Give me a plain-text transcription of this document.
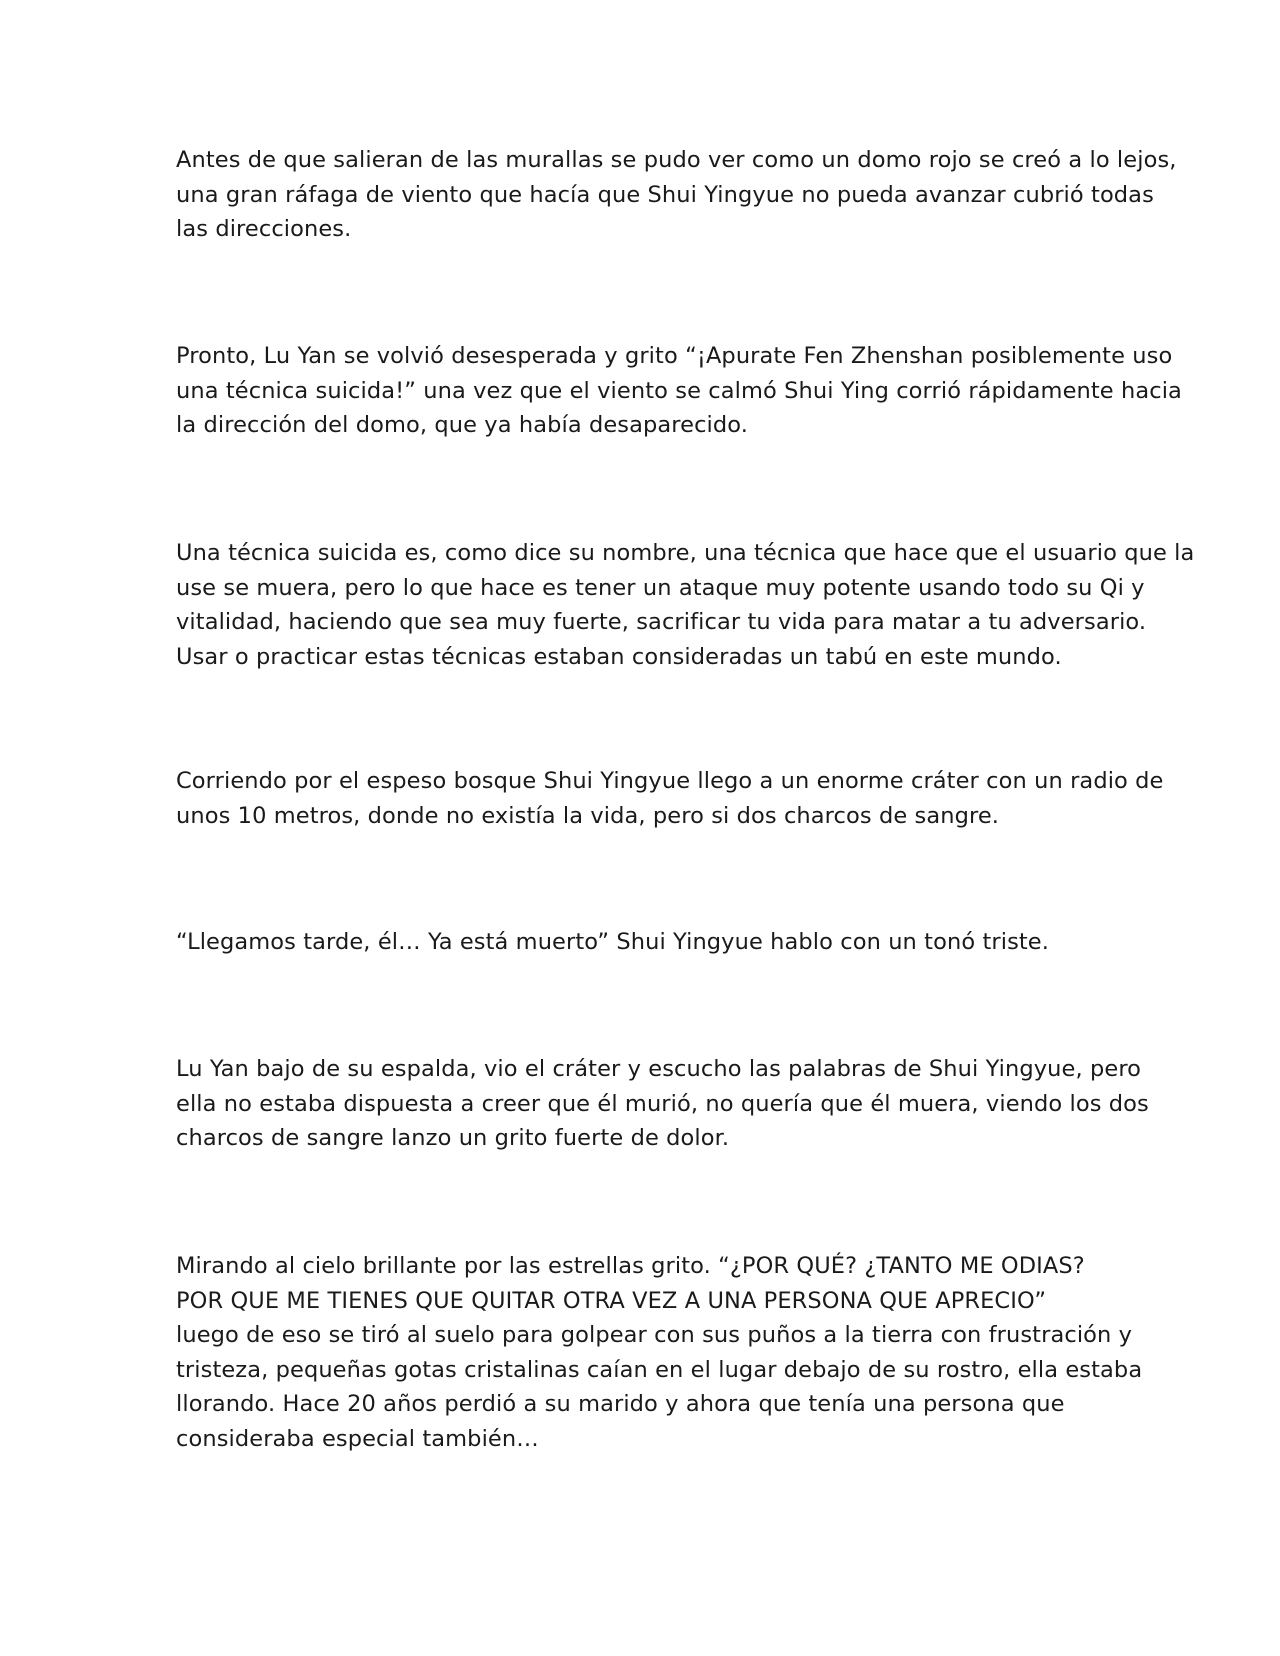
Antes de que salieran de las murallas se pudo ver como un domo rojo se creó a lo lejos,
una gran ráfaga de viento que hacía que Shui Yingyue no pueda avanzar cubrió todas
las direcciones.

Pronto, Lu Yan se volvió desesperada y grito “¡Apurate Fen Zhenshan posiblemente uso
una técnica suicida!” una vez que el viento se calmó Shui Ying corrió rápidamente hacia
la dirección del domo, que ya había desaparecido.

Una técnica suicida es, como dice su nombre, una técnica que hace que el usuario que la
use se muera, pero lo que hace es tener un ataque muy potente usando todo su Qi y
vitalidad, haciendo que sea muy fuerte, sacrificar tu vida para matar a tu adversario.
Usar o practicar estas técnicas estaban consideradas un tabú en este mundo.

Corriendo por el espeso bosque Shui Yingyue llego a un enorme cráter con un radio de
unos 10 metros, donde no existía la vida, pero si dos charcos de sangre.

“Llegamos tarde, él… Ya está muerto” Shui Yingyue hablo con un tonó triste.

Lu Yan bajo de su espalda, vio el cráter y escucho las palabras de Shui Yingyue, pero
ella no estaba dispuesta a creer que él murió, no quería que él muera, viendo los dos
charcos de sangre lanzo un grito fuerte de dolor.

Mirando al cielo brillante por las estrellas grito. “¿POR QUÉ? ¿TANTO ME ODIAS?
POR QUE ME TIENES QUE QUITAR OTRA VEZ A UNA PERSONA QUE APRECIO”
luego de eso se tiró al suelo para golpear con sus puños a la tierra con frustración y
tristeza, pequeñas gotas cristalinas caían en el lugar debajo de su rostro, ella estaba
llorando. Hace 20 años perdió a su marido y ahora que tenía una persona que
consideraba especial también…
